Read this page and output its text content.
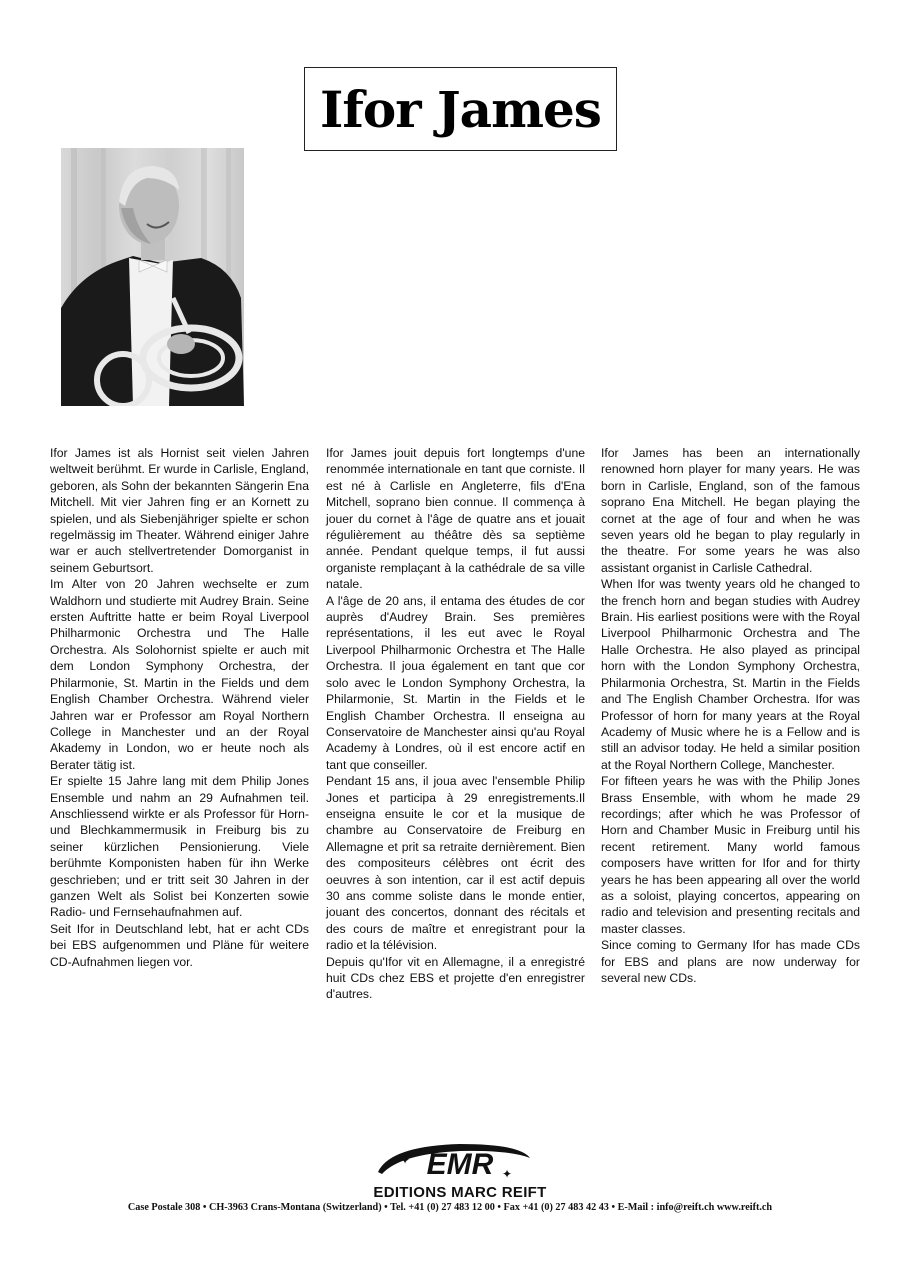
Ifor James

Ifor James ist als Hornist seit vielen Jahren weltweit berühmt. Er wurde in Carlisle, England, geboren, als Sohn der bekannten Sängerin Ena Mitchell. Mit vier Jahren fing er an Kornett zu spielen, und als Siebenjähriger spielte er schon regelmässig im Theater. Während einiger Jahre war er auch stellvertretender Domorganist in seinem Geburtsort.

Im Alter von 20 Jahren wechselte er zum Waldhorn und studierte mit Audrey Brain. Seine ersten Auftritte hatte er beim Royal Liverpool Philharmonic Orchestra und The Halle Orchestra. Als Solohornist spielte er auch mit dem London Symphony Orchestra, der Philarmonie, St. Martin in the Fields und dem English Chamber Orchestra. Während vieler Jahren war er Professor am Royal Northern College in Manchester und an der Royal Akademy in London, wo er heute noch als Berater tätig ist.

Er spielte 15 Jahre lang mit dem Philip Jones Ensemble und nahm an 29 Aufnahmen teil. Anschliessend wirkte er als Professor für Horn- und Blechkammermusik in Freiburg bis zu seiner kürzlichen Pensionierung. Viele berühmte Komponisten haben für ihn Werke geschrieben; und er tritt seit 30 Jahren in der ganzen Welt als Solist bei Konzerten sowie Radio- und Fernsehaufnahmen auf.

Seit Ifor in Deutschland lebt, hat er acht CDs bei EBS aufgenommen und Pläne für weitere CD-Aufnahmen liegen vor.

Ifor James jouit depuis fort longtemps d'une renommée internationale en tant que corniste. Il est né à Carlisle en Angleterre, fils d'Ena Mitchell, soprano bien connue. Il commença à jouer du cornet à l'âge de quatre ans et jouait régulièrement au théâtre dès sa septième année. Pendant quelque temps, il fut aussi organiste remplaçant à la cathédrale de sa ville natale.

A l'âge de 20 ans, il entama des études de cor auprès d'Audrey Brain. Ses premières représentations, il les eut avec le Royal Liverpool Philharmonic Orchestra et The Halle Orchestra. Il joua également en tant que cor solo avec le London Symphony Orchestra, la Philarmonie, St. Martin in the Fields et le English Chamber Orchestra. Il enseigna au Conservatoire de Manchester ainsi qu'au Royal Academy à Londres, où il est encore actif en tant que conseiller.

Pendant 15 ans, il joua avec l'ensemble Philip Jones et participa à 29 enregistrements.Il enseigna ensuite le cor et la musique de chambre au Conservatoire de Freiburg en Allemagne et prit sa retraite dernièrement. Bien des compositeurs célèbres ont écrit des oeuvres à son intention, car il est actif depuis 30 ans comme soliste dans le monde entier, jouant des concertos, donnant des récitals et des cours de maître et enregistrant pour la radio et la télévision.

Depuis qu'Ifor vit en Allemagne, il a enregistré huit CDs chez EBS et projette d'en enregistrer d'autres.

Ifor James has been an internationally renowned horn player for many years. He was born in Carlisle, England, son of the famous soprano Ena Mitchell. He began playing the cornet at the age of four and when he was seven years old he began to play regularly in the theatre. For some years he was also assistant organist in Carlisle Cathedral.

When Ifor was twenty years old he changed to the french horn and began studies with Audrey Brain. His earliest positions were with the Royal Liverpool Philharmonic Orchestra and The Halle Orchestra. He also played as principal horn with the London Symphony Orchestra, Philarmonia Orchestra, St. Martin in the Fields and The English Chamber Orchestra. Ifor was Professor of horn for many years at the Royal Academy of Music where he is a Fellow and is still an advisor today. He held a similar position at the Royal Northern College, Manchester.

For fifteen years he was with the Philip Jones Brass Ensemble, with whom he made 29 recordings; after which he was Professor of Horn and Chamber Music in Freiburg until his recent retirement. Many world famous composers have written for Ifor and for thirty years he has been appearing all over the world as a soloist, playing concertos, appearing on radio and television and presenting recitals and master classes.

Since coming to Germany Ifor has made CDs for EBS and plans are now underway for several new CDs.

EMR
✦
✦
EDITIONS MARC REIFT
Case Postale 308 • CH-3963 Crans-Montana (Switzerland) • Tel. +41 (0) 27 483 12 00 • Fax +41 (0) 27 483 42 43 • E-Mail : info@reift.ch www.reift.ch
